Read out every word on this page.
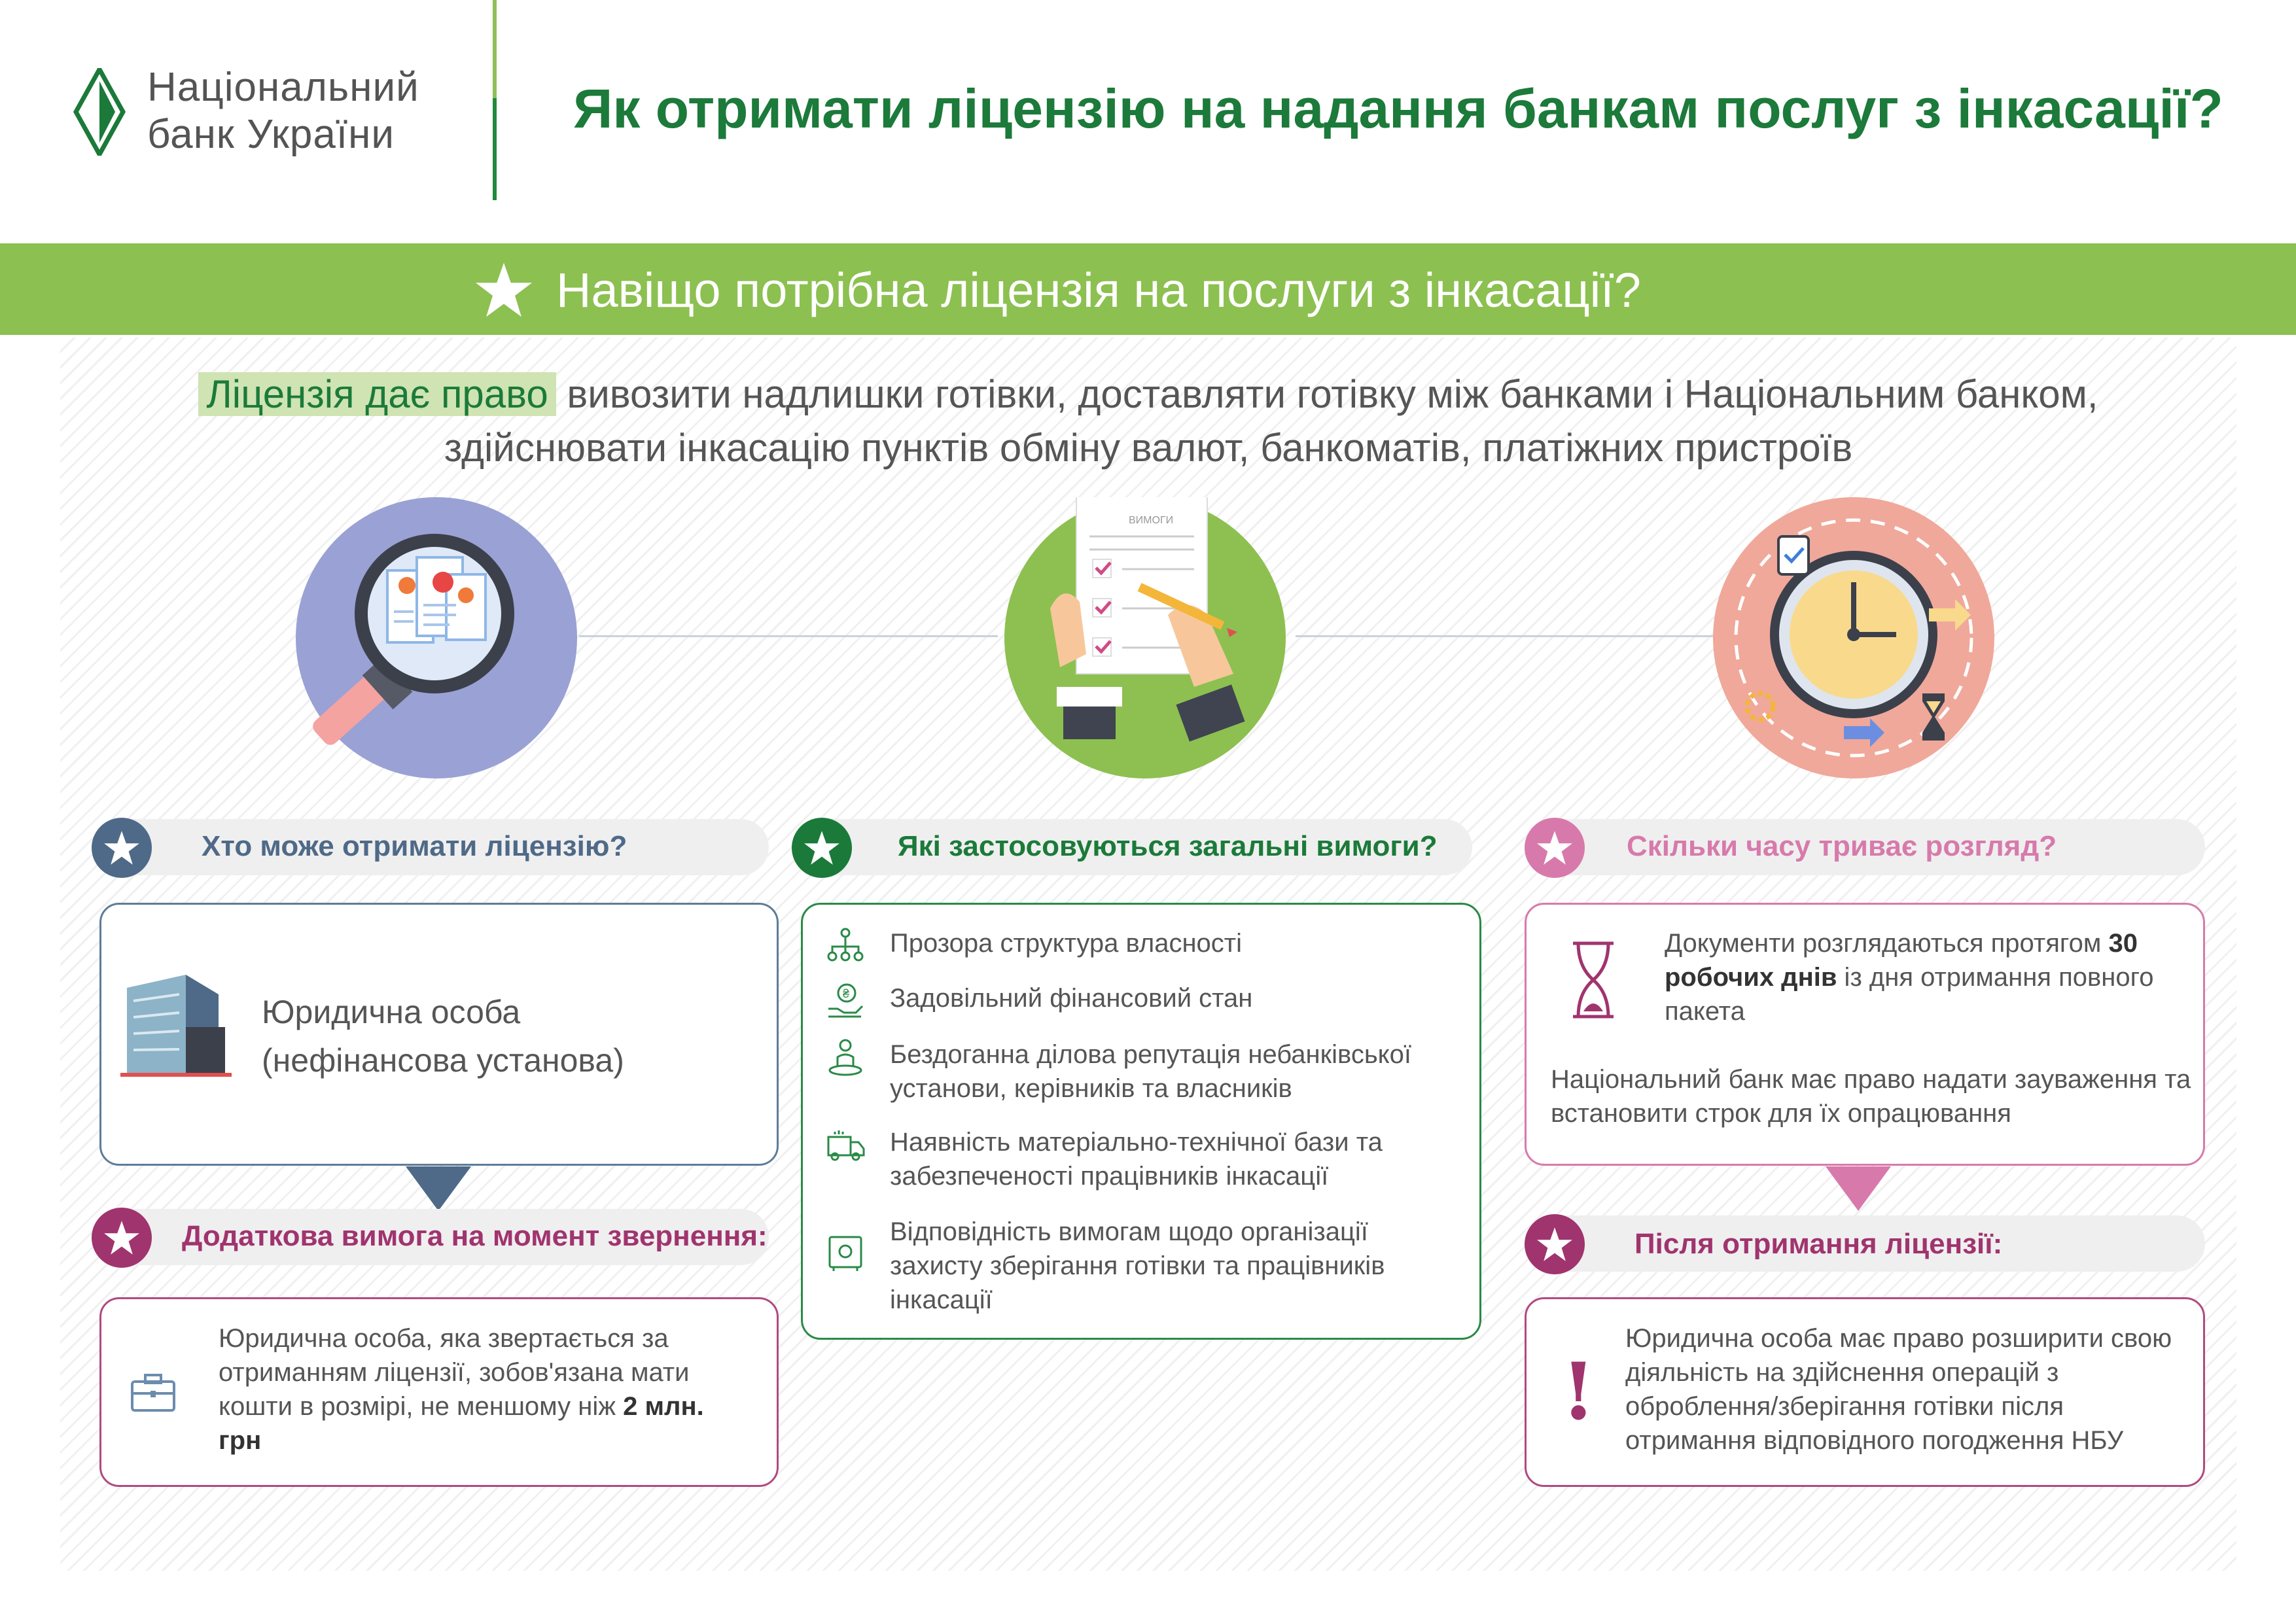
Національний
банк України	Як отримати ліцензію на надання банкам послуг з інкасації?
Навіщо потрібна ліцензія на послуги з інкасації?
Ліцензія дає право вивозити надлишки готівки, доставляти готівку між банками і Національним банком, здійснювати інкасацію пунктів обміну валют, банкоматів, платіжних пристроїв
ВИМОГИ
Хто може отримати ліцензію?
Юридична особа
(нефінансова установа)
Додаткова вимога на момент звернення:
Юридична особа, яка звертається за отриманням ліцензії, зобов'язана мати кошти в розмірі, не меншому ніж 2 млн. грн
Які застосовуються загальні вимоги?
Прозора структура власності
₴ Задовільний фінансовий стан
Бездоганна ділова репутація небанківської установи, керівників та власників
Наявність матеріально-технічної бази та забезпеченості працівників інкасації
Відповідність вимогам щодо організації захисту зберігання готівки та працівників інкасації
Скільки часу триває розгляд?
Документи розглядаються протягом 30 робочих днів із дня отримання повного пакета
Національний банк має право надати зауваження та встановити строк для їх опрацювання
Після отримання ліцензії:
!
Юридична особа має право розширити свою діяльність на здійснення операцій з оброблення/зберігання готівки після отримання відповідного погодження НБУ
